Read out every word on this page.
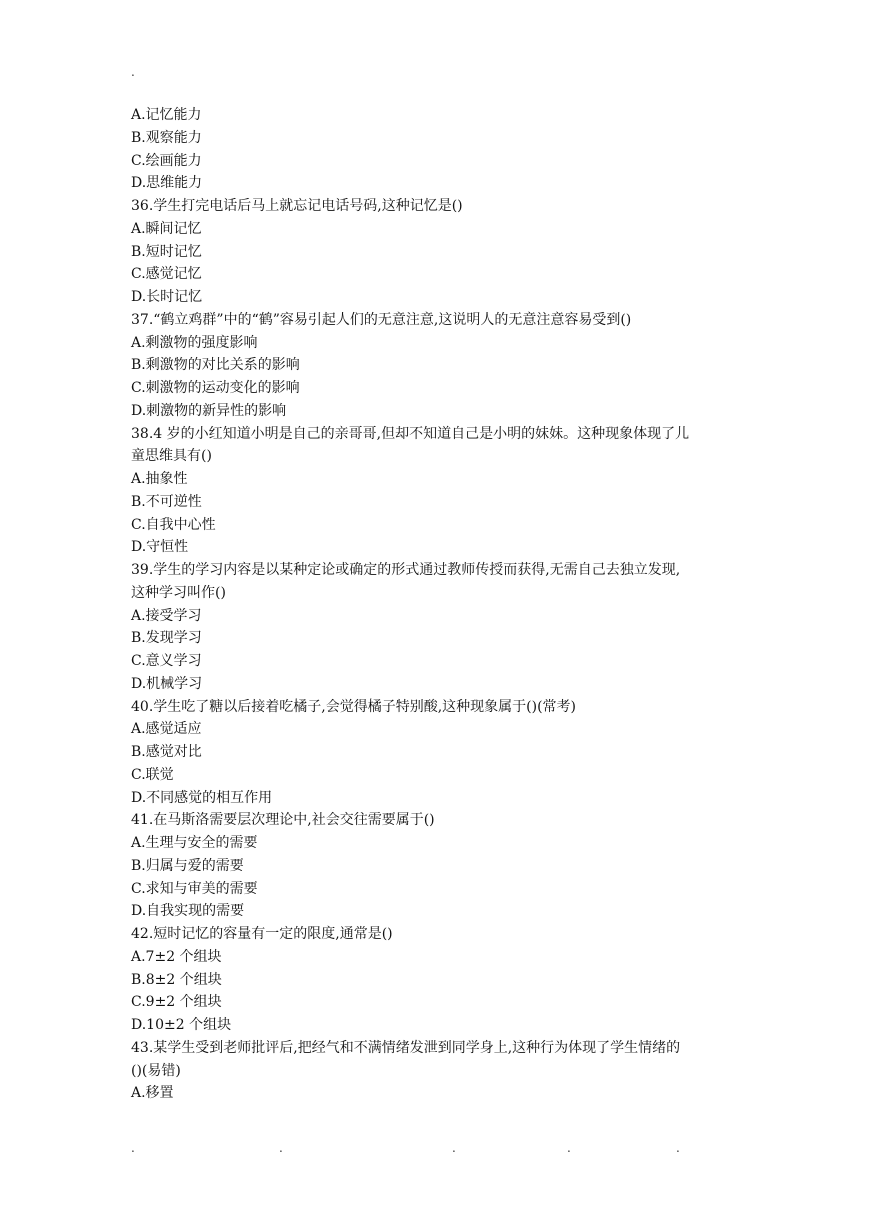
.
A.记忆能力
B.观察能力
C.绘画能力
D.思维能力
36.学生打完电话后马上就忘记电话号码,这种记忆是()
A.瞬间记忆
B.短时记忆
C.感觉记忆
D.长时记忆
37.“鹤立鸡群”中的“鹤”容易引起人们的无意注意,这说明人的无意注意容易受到()
A.剩激物的强度影响
B.剩激物的对比关系的影响
C.刺激物的运动变化的影响
D.刺激物的新异性的影响
38.4 岁的小红知道小明是自己的亲哥哥,但却不知道自己是小明的妹妹。这种现象体现了儿
童思维具有()
A.抽象性
B.不可逆性
C.自我中心性
D.守恒性
39.学生的学习内容是以某种定论或确定的形式通过教师传授而获得,无需自己去独立发现,
这种学习叫作()
A.接受学习
B.发现学习
C.意义学习
D.机械学习
40.学生吃了糖以后接着吃橘子,会觉得橘子特别酸,这种现象属于()(常考)
A.感觉适应
B.感觉对比
C.联觉
D.不同感觉的相互作用
41.在马斯洛需要层次理论中,社会交往需要属于()
A.生理与安全的需要
B.归属与爱的需要
C.求知与审美的需要
D.自我实现的需要
42.短时记忆的容量有一定的限度,通常是()
A.7±2 个组块
B.8±2 个组块
C.9±2 个组块
D.10±2 个组块
43.某学生受到老师批评后,把经气和不满情绪发泄到同学身上,这种行为体现了学生情绪的
()(易错)
A.移置
.	.	.	.	.
